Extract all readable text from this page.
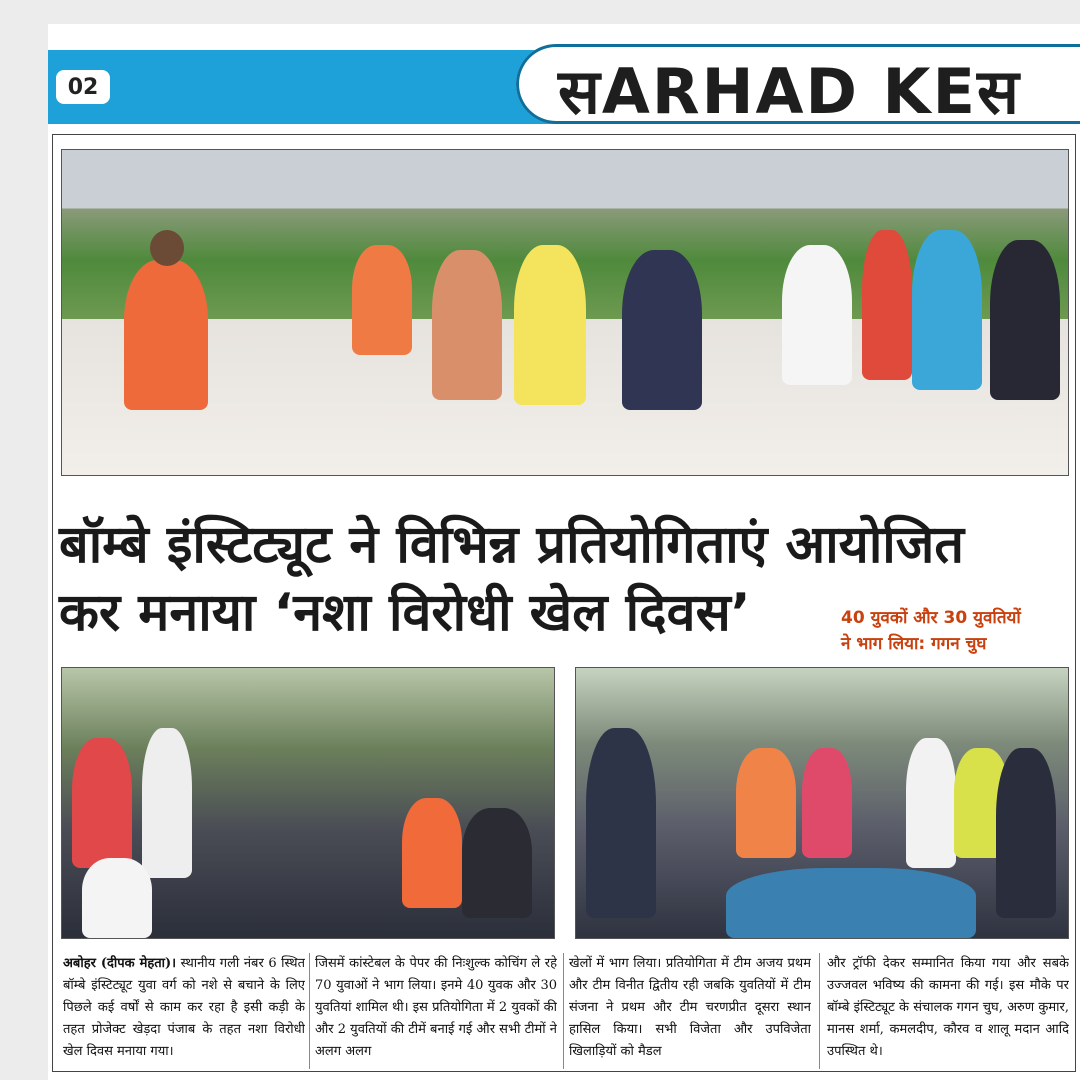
02	सARHAD KEस
बॉम्बे इंस्टिट्यूट ने विभिन्न प्रतियोगिताएं आयोजित
कर मनाया ‘नशा विरोधी खेल दिवस’	40 युवकों और 30 युवतियों
ने भाग लिया: गगन चुघ
अबोहर (दीपक मेहता)। स्थानीय गली नंबर 6 स्थित बॉम्बे इंस्टिट्यूट युवा वर्ग को नशे से बचाने के लिए पिछले कई वर्षों से काम कर रहा है इसी कड़ी के तहत प्रोजेक्ट खेड़दा पंजाब के तहत नशा विरोधी खेल दिवस मनाया गया।
जिसमें कांस्टेबल के पेपर की निःशुल्क कोचिंग ले रहे 70 युवाओं ने भाग लिया। इनमे 40 युवक और 30 युवतियां शामिल थी। इस प्रतियोगिता में 2 युवकों की और 2 युवतियों की टीमें बनाई गई और सभी टीमों ने अलग अलग
खेलों में भाग लिया। प्रतियोगिता में टीम अजय प्रथम और टीम विनीत द्वितीय रही जबकि युवतियों में टीम संजना ने प्रथम और टीम चरणप्रीत दूसरा स्थान हासिल किया। सभी विजेता और उपविजेता खिलाड़ियों को मैडल
और ट्रॉफी देकर सम्मानित किया गया और सबके उज्जवल भविष्य की कामना की गई। इस मौके पर बॉम्बे इंस्टिट्यूट के संचालक गगन चुघ, अरुण कुमार, मानस शर्मा, कमलदीप, कौरव व शालू मदान आदि उपस्थित थे।
